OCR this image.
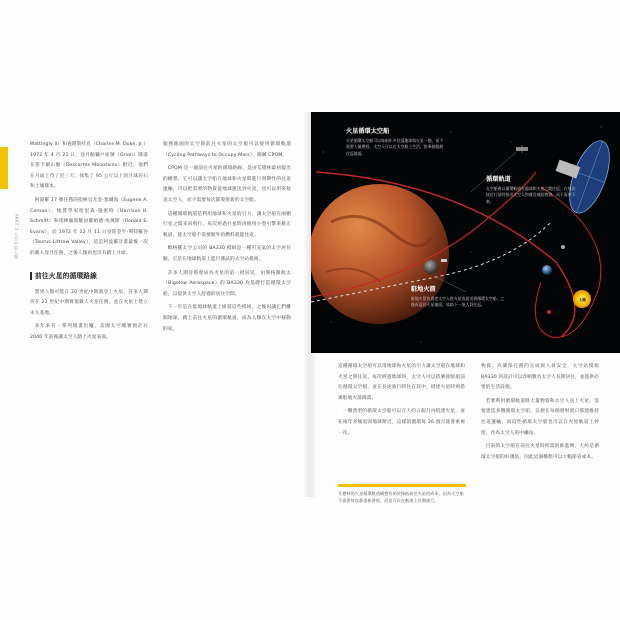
PART 3 太空中的人類

Mattingly II）和查理斯杜克（Charles M. Duke, Jr.）1972 年 4 月 21 日，登月艙獵戶座號（Orion）降落在笛卡爾山脈（Descartes Mountains）附近，他們在月面上待了近三天，採集了 95 公斤以上的月球岩石和土壤樣本。

阿波羅 17 號任務的指揮官尤金·塞爾南（Eugene A. Cernan）、地質學家哈里森·施密特（Harrison H. Schmitt）和指揮艙駕駛員羅納德·埃萬斯（Ronald E. Evans），於 1972 年 12 月 11 日登陸金牛-利特羅谷（Taurus-Littrow Valley），這是阿波羅計畫最後一次的載人登月任務，之後人類再也沒有踏上月球。

前往火星的循環路線

想到人類可能在 20 世紀中期就登上火星，許多人期待在 21 世紀中期實現載人火星任務，並在火星上建立永久基地。

多年來有一系列規畫出爐，美國太空總署預計在 2040 年前後讓太空人踏上火星表面。

服務地面的太空與前往火星的太空船可以使用循環軌道（Cycling Pathways to Occupy Mars），簡稱 CPOM。

CPOM 是一個前往火星的循環路線，是由艾德林最初提出的構想。它可以讓太空船在地球和火星間進行周期性的往返運輸，可以把需要的物資從地球運送到火星，也可以用來接送太空人，而不需要每次都發射新的太空船。

這種循環軌道是利用地球和火星的引力，讓太空船在兩顆行星之間來回飛行，每次經過行星時再使用小型引擎來修正軌道，使太空船不需要額外的燃料就能往返。

毗格羅太空公司的 BA330 模組是一種可充氣的太空居住艙，它是在地球軌道上進行測試的太空站模組。

許多人期待將會成為火星的第一批居民，由畢格羅航太（Bigelow Aerospace）的 BA330 為基礎打造循環太空船，以提供太空人舒適的居住空間。

下一步是在低地球軌道上組裝這些模組，之後再讓它們離開地球，踏上前往火星的循環軌道，成為人類在太空中移動的家。

火星循環太空船
火星循環太空船可以每兩年多往返地球與火星一趟，而不需要大量燃料。太空人可以在太空船上生活，搭乘接駁船往返地面。
循環軌道
太空船會以循環軌道在地球和火星之間往返，在每次接近行星時接送太空人和運送補給物資，而不需停下來。
駐地火箭
駐地火箭負責把太空人從火星表面送到循環太空船，之後再返回火星地面，協助下一批人員往返。
太陽

這種循環太空船可以用地球和火星的引力讓太空船在地球和火星之間往返，每次經過地球時，太空人可以搭乘接駁船前往循環太空船，並在長途旅行時住在其中，抵達火星時則搭乘駐地火箭降落。

一艘典型的循環太空船可以在大約五個月內抵達火星，並在兩年多後返回地球附近，這樣的循環每 26 個月就會重複一次。

艾德林的火星循環軌道構想有助於降低前往火星的成本，因為太空船不需要每次都重新發射，而是可以在軌道上長期運行。

物資。為確保任務的完成與人員安全，太空站模組 BA330 的設計可以容納數名太空人長期居住，並提供必要的生活設施。

若要利用循環軌道將大量物資和太空人送上火星，需要建造多艘循環太空船，以便在每個發射窗口都能維持往返運輸，而這些循環太空船也可以在火星軌道上停留，作為太空人的中繼站。

目前的太空船在前往火星時所需的推進劑，大約是循環太空船的好幾倍，因此這個構想可以大幅節省成本。
